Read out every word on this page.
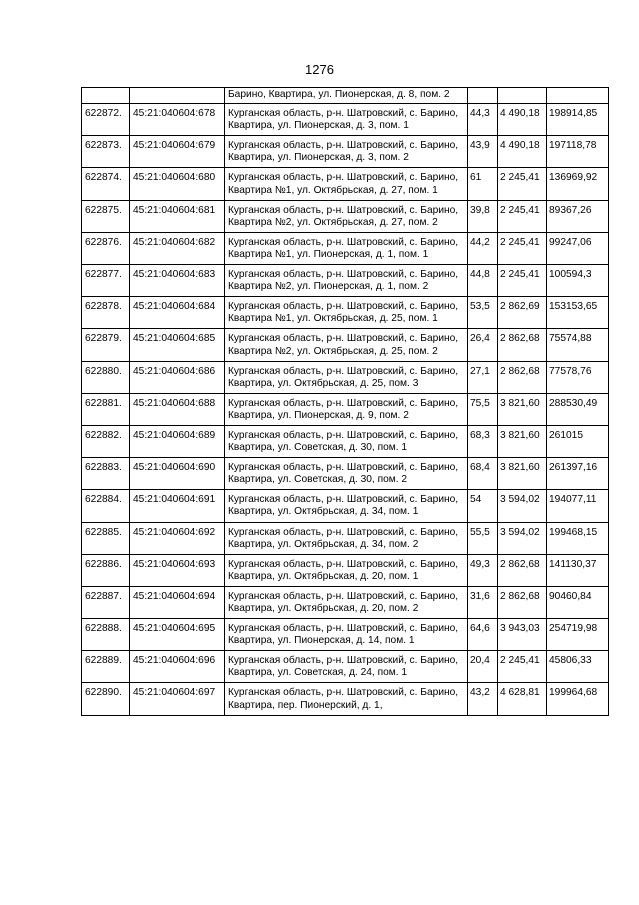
1276
		Барино, Квартира, ул. Пионерская, д. 8, пом. 2			
622872.	45:21:040604:678	Курганская область, р-н. Шатровский, с. Барино, Квартира, ул. Пионерская, д. 3, пом. 1	44,3	4 490,18	198914,85
622873.	45:21:040604:679	Курганская область, р-н. Шатровский, с. Барино, Квартира, ул. Пионерская, д. 3, пом. 2	43,9	4 490,18	197118,78
622874.	45:21:040604:680	Курганская область, р-н. Шатровский, с. Барино, Квартира №1, ул. Октябрьская, д. 27, пом. 1	61	2 245,41	136969,92
622875.	45:21:040604:681	Курганская область, р-н. Шатровский, с. Барино, Квартира №2, ул. Октябрьская, д. 27, пом. 2	39,8	2 245,41	89367,26
622876.	45:21:040604:682	Курганская область, р-н. Шатровский, с. Барино, Квартира №1, ул. Пионерская, д. 1, пом. 1	44,2	2 245,41	99247,06
622877.	45:21:040604:683	Курганская область, р-н. Шатровский, с. Барино, Квартира №2, ул. Пионерская, д. 1, пом. 2	44,8	2 245,41	100594,3
622878.	45:21:040604:684	Курганская область, р-н. Шатровский, с. Барино, Квартира №1, ул. Октябрьская, д. 25, пом. 1	53,5	2 862,69	153153,65
622879.	45:21:040604:685	Курганская область, р-н. Шатровский, с. Барино, Квартира №2, ул. Октябрьская, д. 25, пом. 2	26,4	2 862,68	75574,88
622880.	45:21:040604:686	Курганская область, р-н. Шатровский, с. Барино, Квартира, ул. Октябрьская, д. 25, пом. 3	27,1	2 862,68	77578,76
622881.	45:21:040604:688	Курганская область, р-н. Шатровский, с. Барино, Квартира, ул. Пионерская, д. 9, пом. 2	75,5	3 821,60	288530,49
622882.	45:21:040604:689	Курганская область, р-н. Шатровский, с. Барино, Квартира, ул. Советская, д. 30, пом. 1	68,3	3 821,60	261015
622883.	45:21:040604:690	Курганская область, р-н. Шатровский, с. Барино, Квартира, ул. Советская, д. 30, пом. 2	68,4	3 821,60	261397,16
622884.	45:21:040604:691	Курганская область, р-н. Шатровский, с. Барино, Квартира, ул. Октябрьская, д. 34, пом. 1	54	3 594,02	194077,11
622885.	45:21:040604:692	Курганская область, р-н. Шатровский, с. Барино, Квартира, ул. Октябрьская, д. 34, пом. 2	55,5	3 594,02	199468,15
622886.	45:21:040604:693	Курганская область, р-н. Шатровский, с. Барино, Квартира, ул. Октябрьская, д. 20, пом. 1	49,3	2 862,68	141130,37
622887.	45:21:040604:694	Курганская область, р-н. Шатровский, с. Барино, Квартира, ул. Октябрьская, д. 20, пом. 2	31,6	2 862,68	90460,84
622888.	45:21:040604:695	Курганская область, р-н. Шатровский, с. Барино, Квартира, ул. Пионерская, д. 14, пом. 1	64,6	3 943,03	254719,98
622889.	45:21:040604:696	Курганская область, р-н. Шатровский, с. Барино, Квартира, ул. Советская, д. 24, пом. 1	20,4	2 245,41	45806,33
622890.	45:21:040604:697	Курганская область, р-н. Шатровский, с. Барино, Квартира, пер. Пионерский, д. 1,	43,2	4 628,81	199964,68
